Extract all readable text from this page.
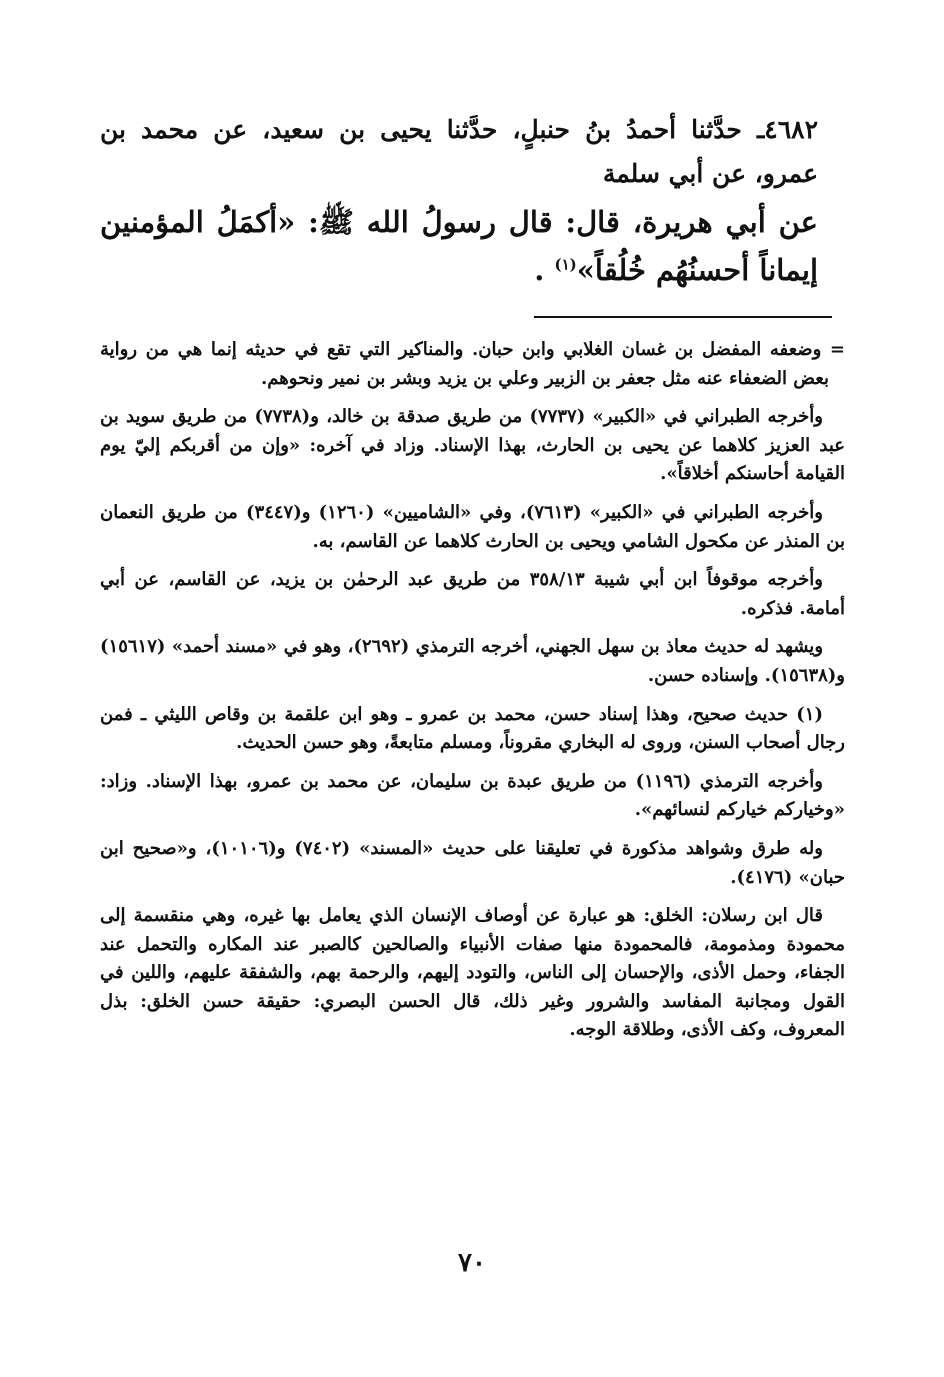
٤٦٨٢ـ حدَّثنا أحمدُ بنُ حنبلٍ، حدَّثنا يحيى بن سعيد، عن محمد بن عمرو، عن أبي سلمة
عن أبي هريرة، قال: قال رسولُ الله ﷺ: «أكمَلُ المؤمنين إيماناً أحسنُهُم خُلُقاً»$^{(١)}$ .

= وضعفه المفضل بن غسان الغلابي وابن حبان. والمناكير التي تقع في حديثه إنما هي من رواية بعض الضعفاء عنه مثل جعفر بن الزبير وعلي بن يزيد وبشر بن نمير ونحوهم.

وأخرجه الطبراني في «الكبير» (٧٧٣٧) من طريق صدقة بن خالد، و(٧٧٣٨) من طريق سويد بن عبد العزيز كلاهما عن يحيى بن الحارث، بهذا الإسناد. وزاد في آخره: «وإن من أقربكم إليّ يوم القيامة أحاسنكم أخلاقاً».

وأخرجه الطبراني في «الكبير» (٧٦١٣)، وفي «الشاميين» (١٢٦٠) و(٣٤٤٧) من طريق النعمان بن المنذر عن مكحول الشامي ويحيى بن الحارث كلاهما عن القاسم، به.

وأخرجه موقوفاً ابن أبي شيبة ٣٥٨/١٣ من طريق عبد الرحمٰن بن يزيد، عن القاسم، عن أبي أمامة. فذكره.

ويشهد له حديث معاذ بن سهل الجهني، أخرجه الترمذي (٢٦٩٢)، وهو في «مسند أحمد» (١٥٦١٧) و(١٥٦٣٨). وإسناده حسن.

(١) حديث صحيح، وهذا إسناد حسن، محمد بن عمرو ـ وهو ابن علقمة بن وقاص الليثي ـ فمن رجال أصحاب السنن، وروى له البخاري مقروناً، ومسلم متابعةً، وهو حسن الحديث.

وأخرجه الترمذي (١١٩٦) من طريق عبدة بن سليمان، عن محمد بن عمرو، بهذا الإسناد. وزاد: «وخياركم خياركم لنسائهم».

وله طرق وشواهد مذكورة في تعليقنا على حديث «المسند» (٧٤٠٢) و(١٠١٠٦)، و«صحيح ابن حبان» (٤١٧٦).

قال ابن رسلان: الخلق: هو عبارة عن أوصاف الإنسان الذي يعامل بها غيره، وهي منقسمة إلى محمودة ومذمومة، فالمحمودة منها صفات الأنبياء والصالحين كالصبر عند المكاره والتحمل عند الجفاء، وحمل الأذى، والإحسان إلى الناس، والتودد إليهم، والرحمة بهم، والشفقة عليهم، واللين في القول ومجانبة المفاسد والشرور وغير ذلك، قال الحسن البصري: حقيقة حسن الخلق: بذل المعروف، وكف الأذى، وطلاقة الوجه.

٧٠
